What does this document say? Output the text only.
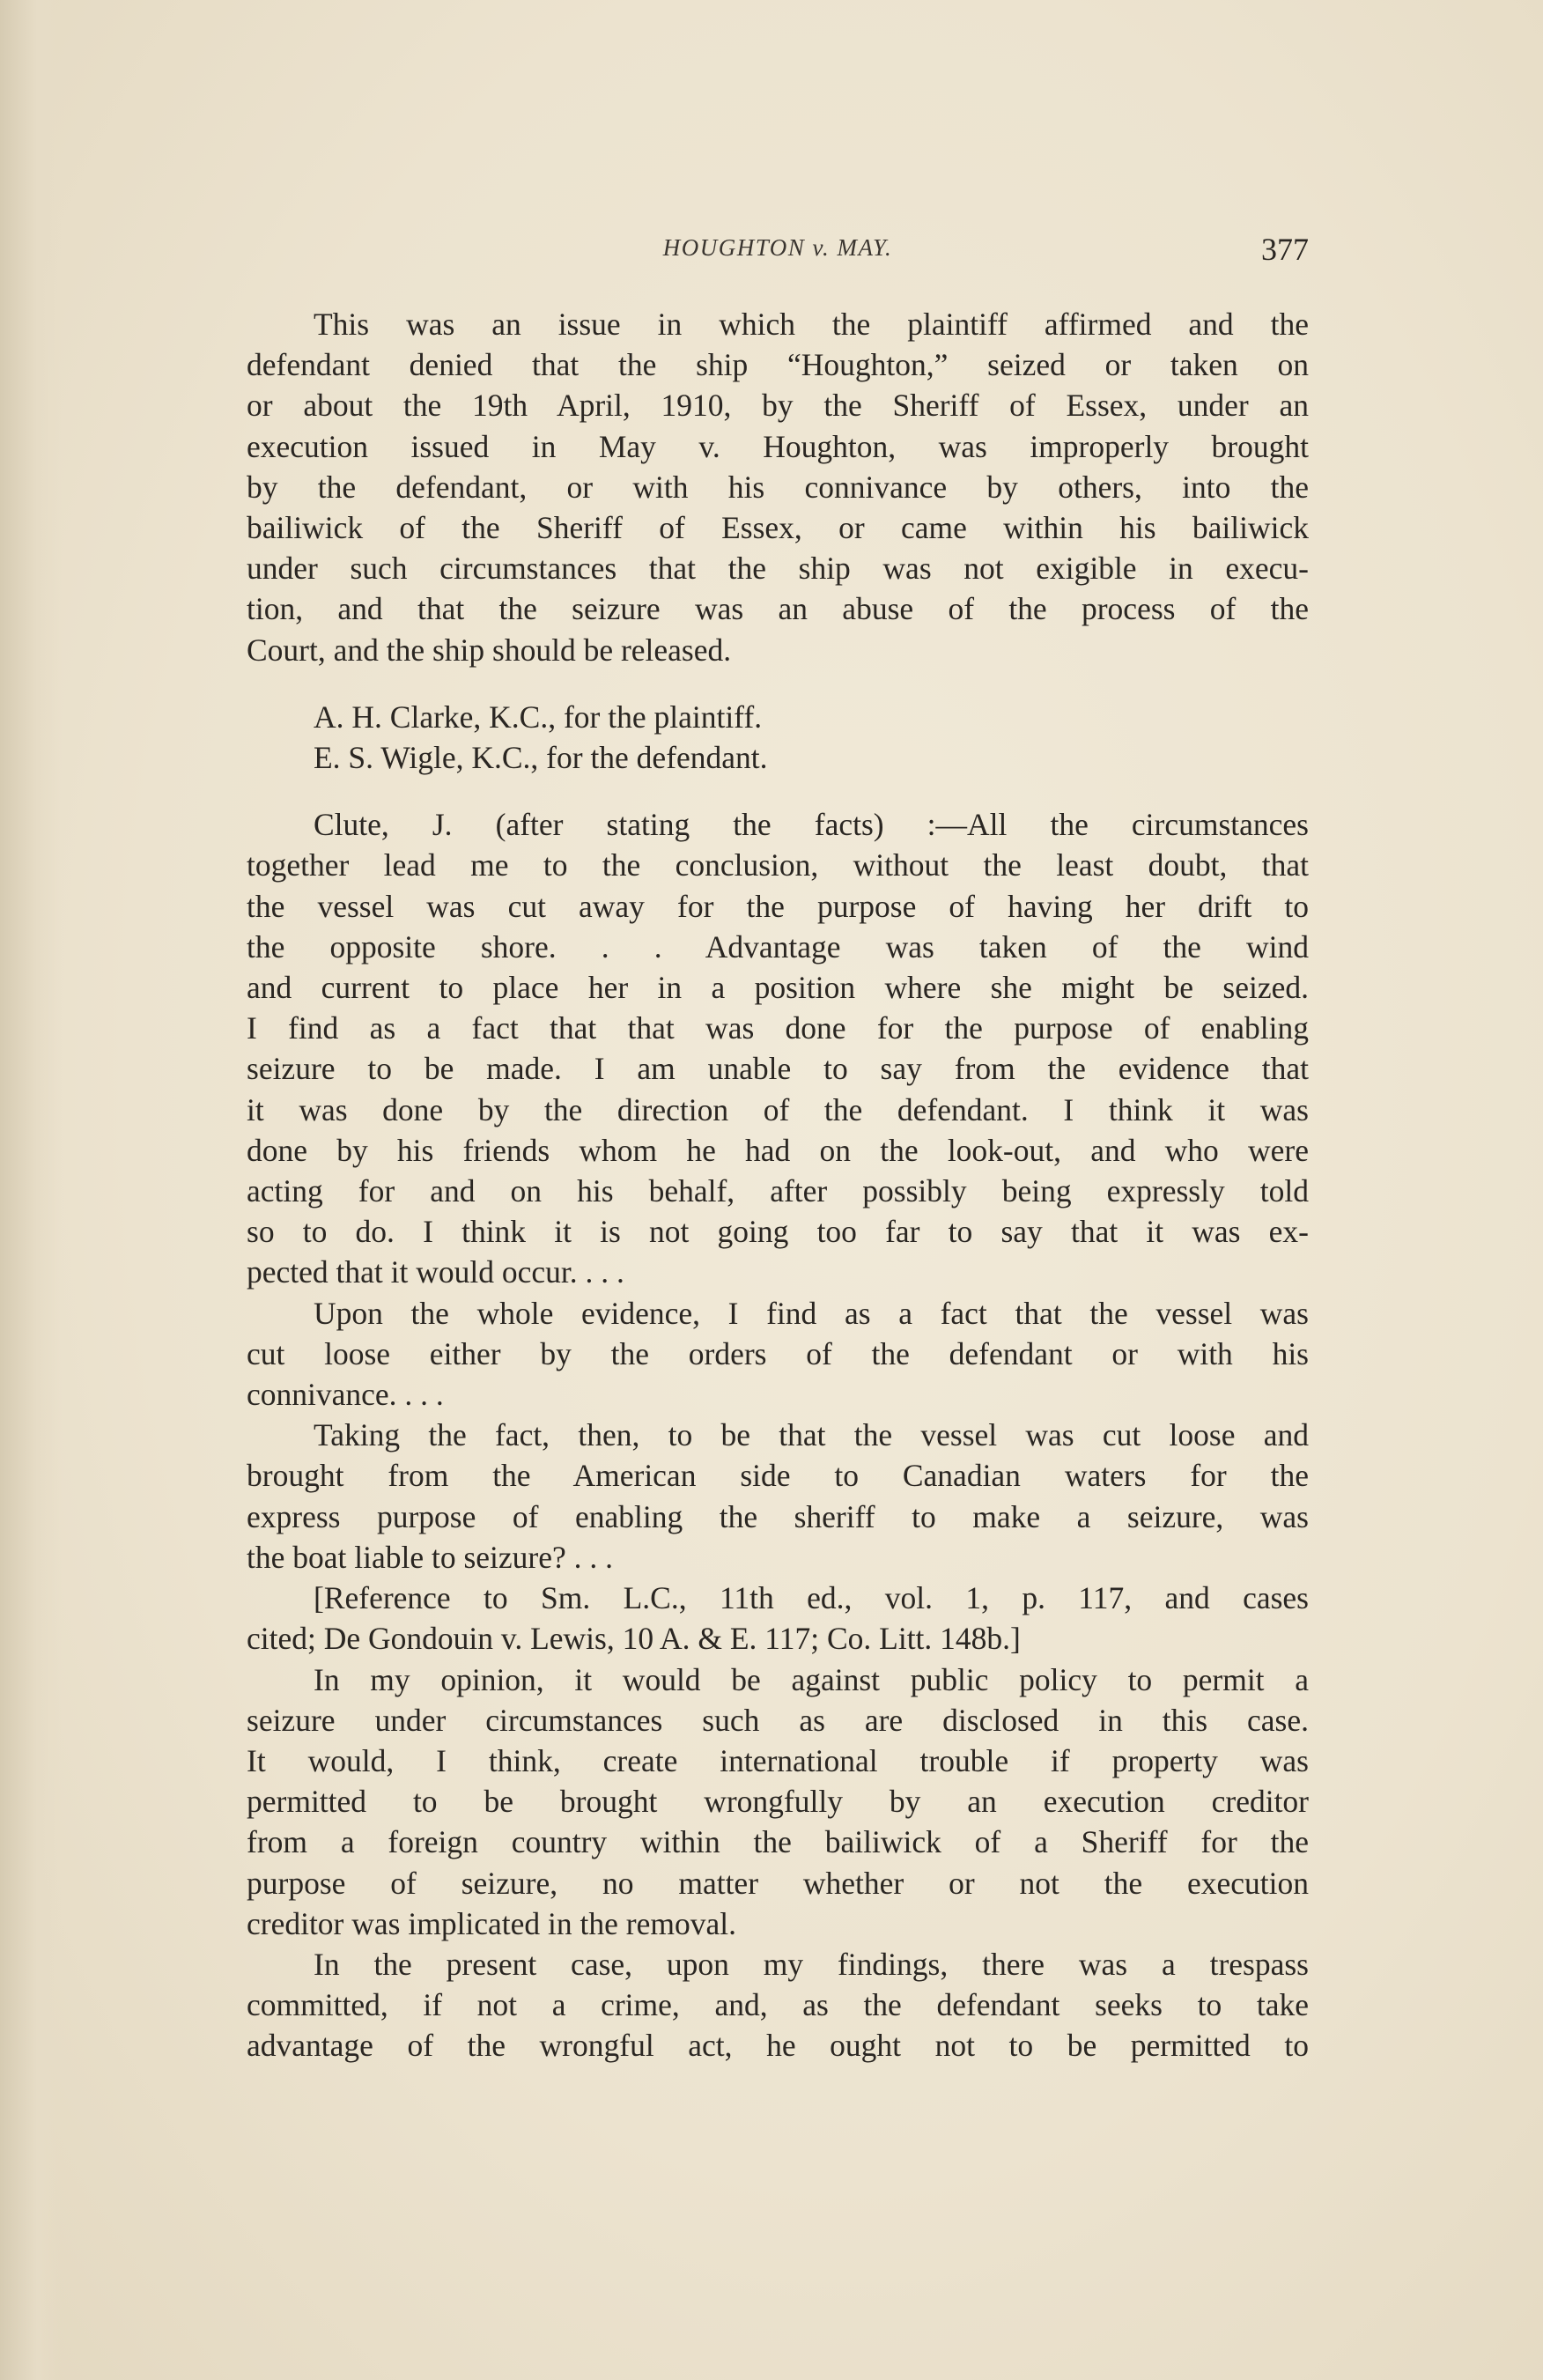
HOUGHTON v. MAY.	377
This was an issue in which the plaintiff affirmed and the
defendant denied that the ship “Houghton,” seized or taken on
or about the 19th April, 1910, by the Sheriff of Essex, under an
execution issued in May v. Houghton, was improperly brought
by the defendant, or with his connivance by others, into the
bailiwick of the Sheriff of Essex, or came within his bailiwick
under such circumstances that the ship was not exigible in execu-
tion, and that the seizure was an abuse of the process of the
Court, and the ship should be released.
A. H. Clarke, K.C., for the plaintiff.
E. S. Wigle, K.C., for the defendant.
Clute, J. (after stating the facts) :—All the circumstances
together lead me to the conclusion, without the least doubt, that
the vessel was cut away for the purpose of having her drift to
the opposite shore. . . Advantage was taken of the wind
and current to place her in a position where she might be seized.
I find as a fact that that was done for the purpose of enabling
seizure to be made. I am unable to say from the evidence that
it was done by the direction of the defendant. I think it was
done by his friends whom he had on the look-out, and who were
acting for and on his behalf, after possibly being expressly told
so to do. I think it is not going too far to say that it was ex-
pected that it would occur. . . .
Upon the whole evidence, I find as a fact that the vessel was
cut loose either by the orders of the defendant or with his
connivance. . . .
Taking the fact, then, to be that the vessel was cut loose and
brought from the American side to Canadian waters for the
express purpose of enabling the sheriff to make a seizure, was
the boat liable to seizure? . . .
[Reference to Sm. L.C., 11th ed., vol. 1, p. 117, and cases
cited; De Gondouin v. Lewis, 10 A. & E. 117; Co. Litt. 148b.]
In my opinion, it would be against public policy to permit a
seizure under circumstances such as are disclosed in this case.
It would, I think, create international trouble if property was
permitted to be brought wrongfully by an execution creditor
from a foreign country within the bailiwick of a Sheriff for the
purpose of seizure, no matter whether or not the execution
creditor was implicated in the removal.
In the present case, upon my findings, there was a trespass
committed, if not a crime, and, as the defendant seeks to take
advantage of the wrongful act, he ought not to be permitted to
